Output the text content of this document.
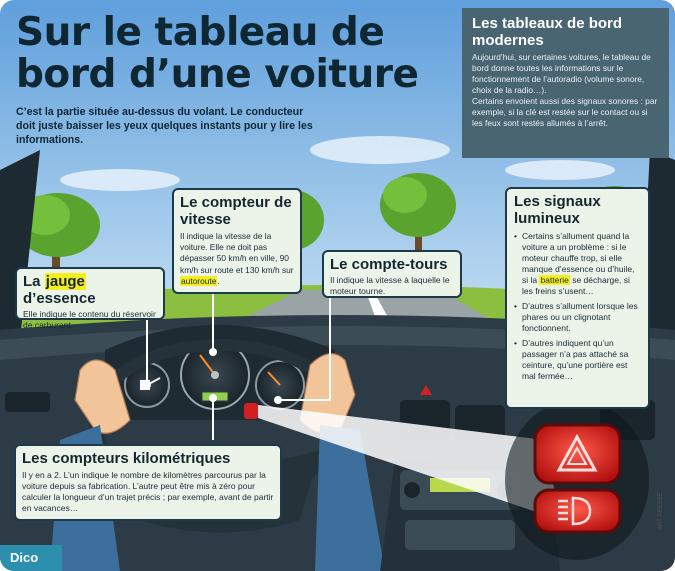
Sur le tableau de bord d’une voiture

C’est la partie située au-dessus du volant. Le conducteur doit juste baisser les yeux quelques instants pour y lire les informations.

Les tableaux de bord modernes

Aujourd’hui, sur certaines voitures, le tableau de bord donne toutes les informations sur le fonctionnement de l’autoradio (volume sonore, choix de la radio…).

Certains envoient aussi des signaux sonores : par exemple, si la clé est restée sur le contact ou si les feux sont restés allumés à l’arrêt.

Le compteur de vitesse

Il indique la vitesse de la voiture. Elle ne doit pas dépasser 50 km/h en ville, 90 km/h sur route et 130 km/h sur autoroute.

La jauge d’essence

Elle indique le contenu du réservoir de carburant.

Le compte-tours

Il indique la vitesse à laquelle le moteur tourne.

Les signaux lumineux
• Certains s’allument quand la voiture a un problème : si le moteur chauffe trop, si elle manque d’essence ou d’huile, si la batterie se décharge, si les freins s’usent…
• D’autres s’allument lorsque les phares ou un clignotant fonctionnent.
• D’autres indiquent qu’un passager n’a pas attaché sa ceinture, qu’une portière est mal fermée…
Les compteurs kilométriques

Il y en a 2. L’un indique le nombre de kilomètres parcourus par la voiture depuis sa fabrication. L’autre peut être mis à zéro pour calculer la longueur d’un trajet précis ; par exemple, avant de partir en vacances…

Dico
ART PRESSE
